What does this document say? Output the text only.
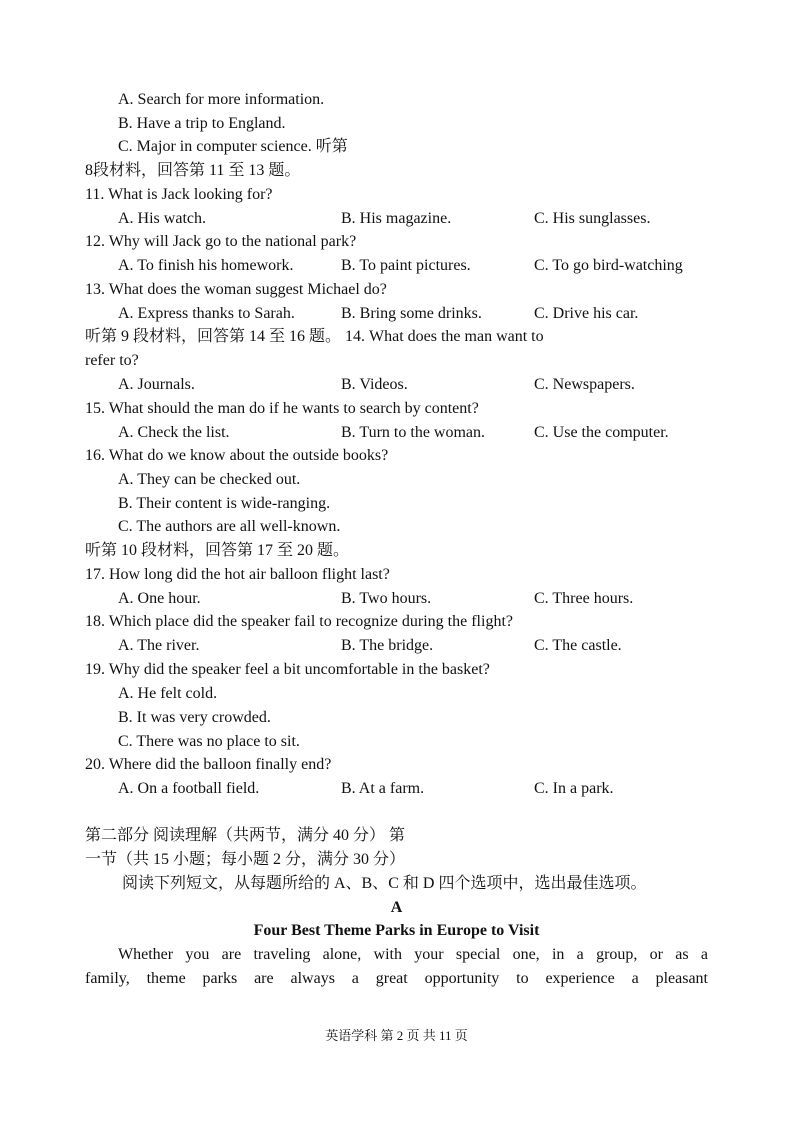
A. Search for more information.
B. Have a trip to England.
C. Major in computer science. 听第
8段材料，回答第 11 至 13 题。
11. What is Jack looking for?
A. His watch.	B. His magazine.	C. His sunglasses.
12. Why will Jack go to the national park?
A. To finish his homework.	B. To paint pictures.	C. To go bird-watching
13. What does the woman suggest Michael do?
A. Express thanks to Sarah.	B. Bring some drinks.	C. Drive his car.
听第 9 段材料，回答第 14 至 16 题。 14. What does the man want to
refer to?
A. Journals.	B. Videos.	C. Newspapers.
15. What should the man do if he wants to search by content?
A. Check the list.	B. Turn to the woman.	C. Use the computer.
16. What do we know about the outside books?
A. They can be checked out.
B. Their content is wide-ranging.
C. The authors are all well-known.
听第 10 段材料，回答第 17 至 20 题。
17. How long did the hot air balloon flight last?
A. One hour.	B. Two hours.	C. Three hours.
18. Which place did the speaker fail to recognize during the flight?
A. The river.	B. The bridge.	C. The castle.
19. Why did the speaker feel a bit uncomfortable in the basket?
A. He felt cold.
B. It was very crowded.
C. There was no place to sit.
20. Where did the balloon finally end?
A. On a football field.	B. At a farm.	C. In a park.
第二部分 阅读理解（共两节，满分 40 分） 第
一节（共 15 小题；每小题 2 分，满分 30 分）
阅读下列短文，从每题所给的 A、B、C 和 D 四个选项中，选出最佳选项。
A
Four Best Theme Parks in Europe to Visit
Whether you are traveling alone, with your special one, in a group, or as a
family, theme parks are always a great opportunity to experience a pleasant
英语学科 第 2 页 共 11 页
